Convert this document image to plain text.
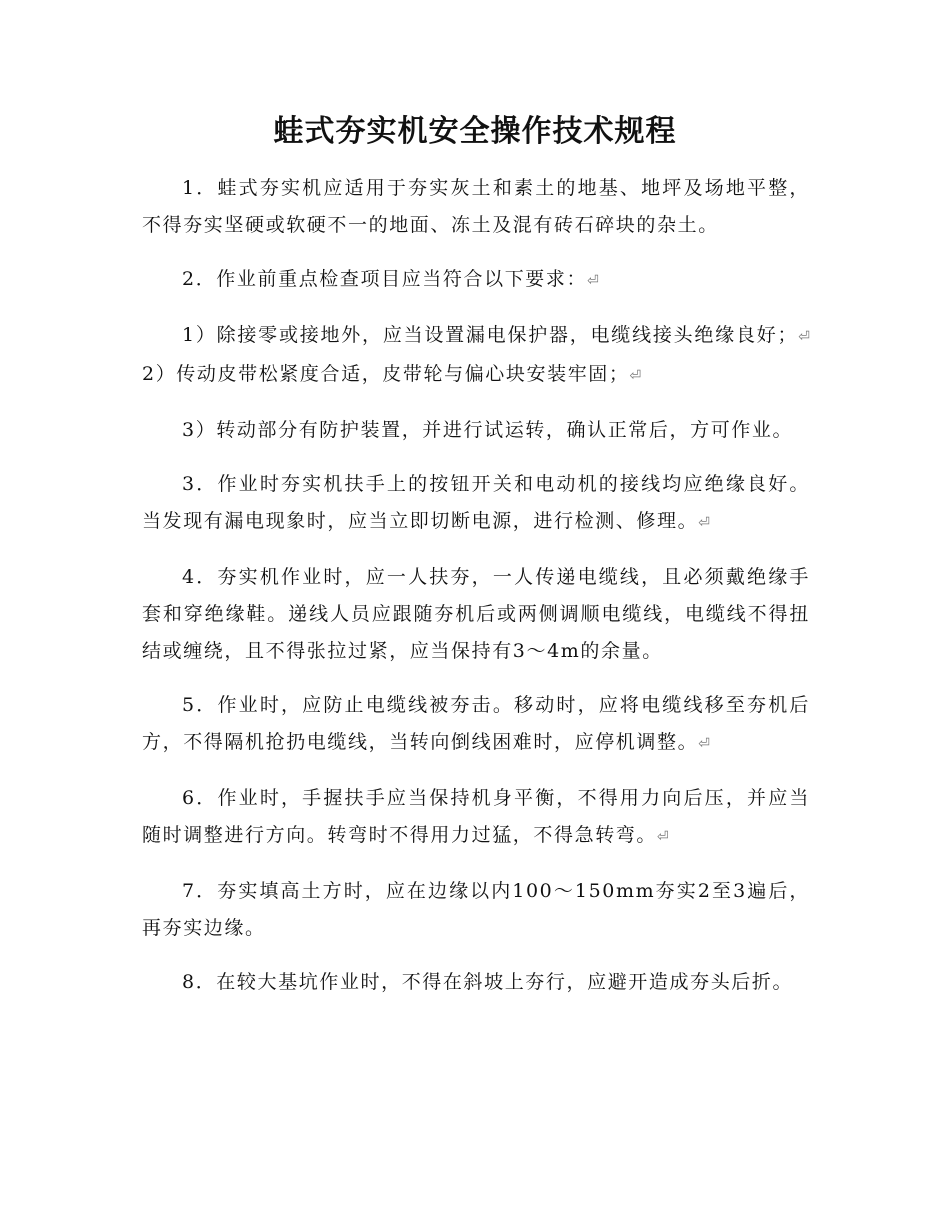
蛙式夯实机安全操作技术规程

1．蛙式夯实机应适用于夯实灰土和素土的地基、地坪及场地平整，不得夯实坚硬或软硬不一的地面、冻土及混有砖石碎块的杂土。

2．作业前重点检查项目应当符合以下要求：⏎

1）除接零或接地外，应当设置漏电保护器，电缆线接头绝缘良好；⏎2）传动皮带松紧度合适，皮带轮与偏心块安装牢固；⏎

3）转动部分有防护装置，并进行试运转，确认正常后，方可作业。

3．作业时夯实机扶手上的按钮开关和电动机的接线均应绝缘良好。当发现有漏电现象时，应当立即切断电源，进行检测、修理。⏎

4．夯实机作业时，应一人扶夯，一人传递电缆线，且必须戴绝缘手套和穿绝缘鞋。递线人员应跟随夯机后或两侧调顺电缆线，电缆线不得扭结或缠绕，且不得张拉过紧，应当保持有3～4m的余量。

5．作业时，应防止电缆线被夯击。移动时，应将电缆线移至夯机后方，不得隔机抢扔电缆线，当转向倒线困难时，应停机调整。⏎

6．作业时，手握扶手应当保持机身平衡，不得用力向后压，并应当随时调整进行方向。转弯时不得用力过猛，不得急转弯。⏎

7．夯实填高土方时，应在边缘以内100～150mm夯实2至3遍后，再夯实边缘。

8．在较大基坑作业时，不得在斜坡上夯行，应避开造成夯头后折。
